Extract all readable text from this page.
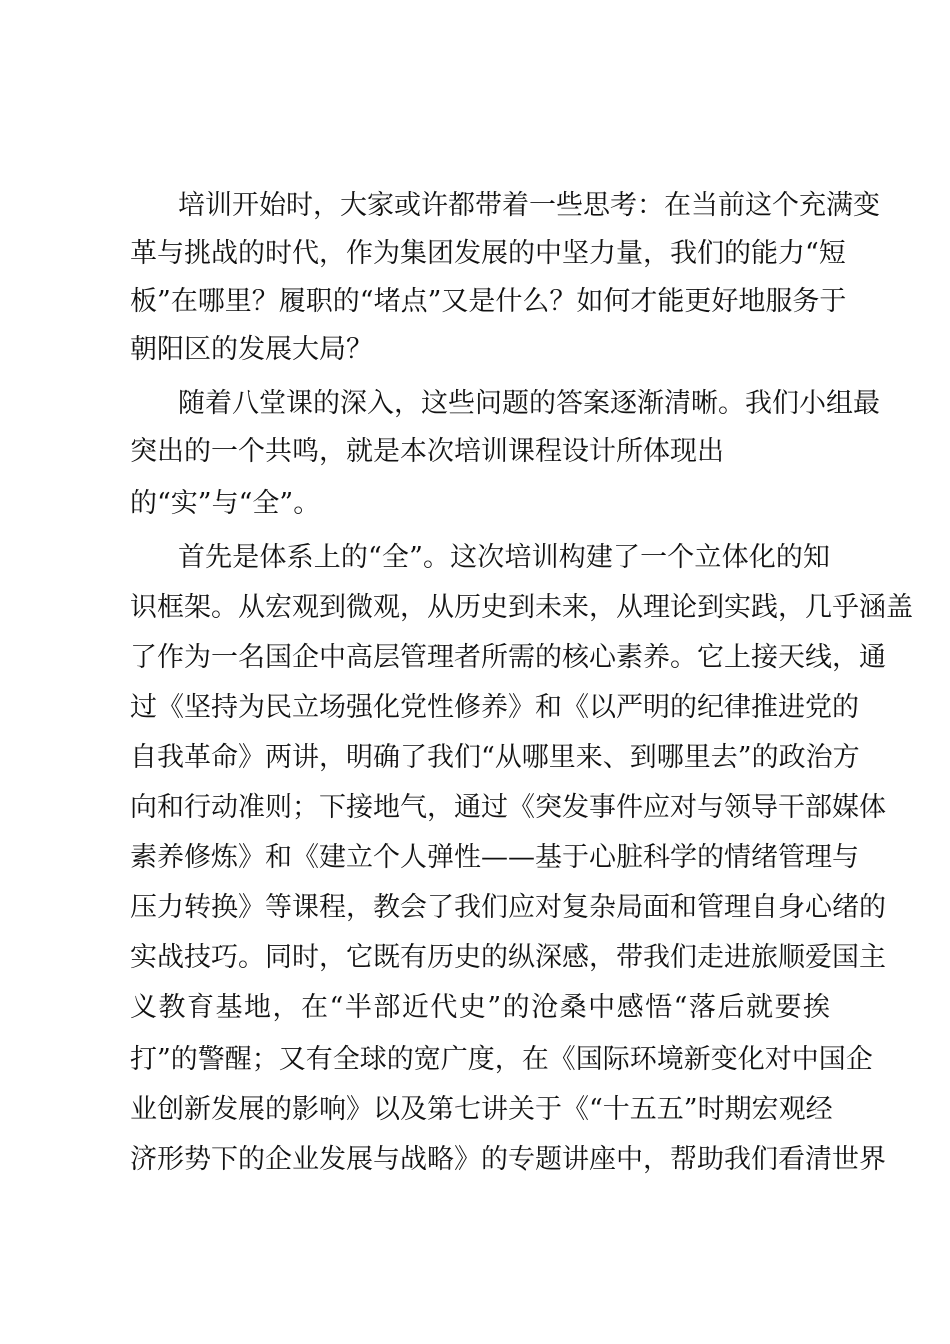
培训开始时，大家或许都带着一些思考：在当前这个充满变
革与挑战的时代，作为集团发展的中坚力量，我们的能力“短
板”在哪里？履职的“堵点”又是什么？如何才能更好地服务于
朝阳区的发展大局？
随着八堂课的深入，这些问题的答案逐渐清晰。我们小组最
突出的一个共鸣，就是本次培训课程设计所体现出
的“实”与“全”。
首先是体系上的“全”。这次培训构建了一个立体化的知
识框架。从宏观到微观，从历史到未来，从理论到实践，几乎涵盖
了作为一名国企中高层管理者所需的核心素养。它上接天线，通
过《坚持为民立场强化党性修养》和《以严明的纪律推进党的
自我革命》两讲，明确了我们“从哪里来、到哪里去”的政治方
向和行动准则；下接地气，通过《突发事件应对与领导干部媒体
素养修炼》和《建立个人弹性——基于心脏科学的情绪管理与
压力转换》等课程，教会了我们应对复杂局面和管理自身心绪的
实战技巧。同时，它既有历史的纵深感，带我们走进旅顺爱国主
义教育基地，在“半部近代史”的沧桑中感悟“落后就要挨
打”的警醒；又有全球的宽广度，在《国际环境新变化对中国企
业创新发展的影响》以及第七讲关于《“十五五”时期宏观经
济形势下的企业发展与战略》的专题讲座中，帮助我们看清世界
